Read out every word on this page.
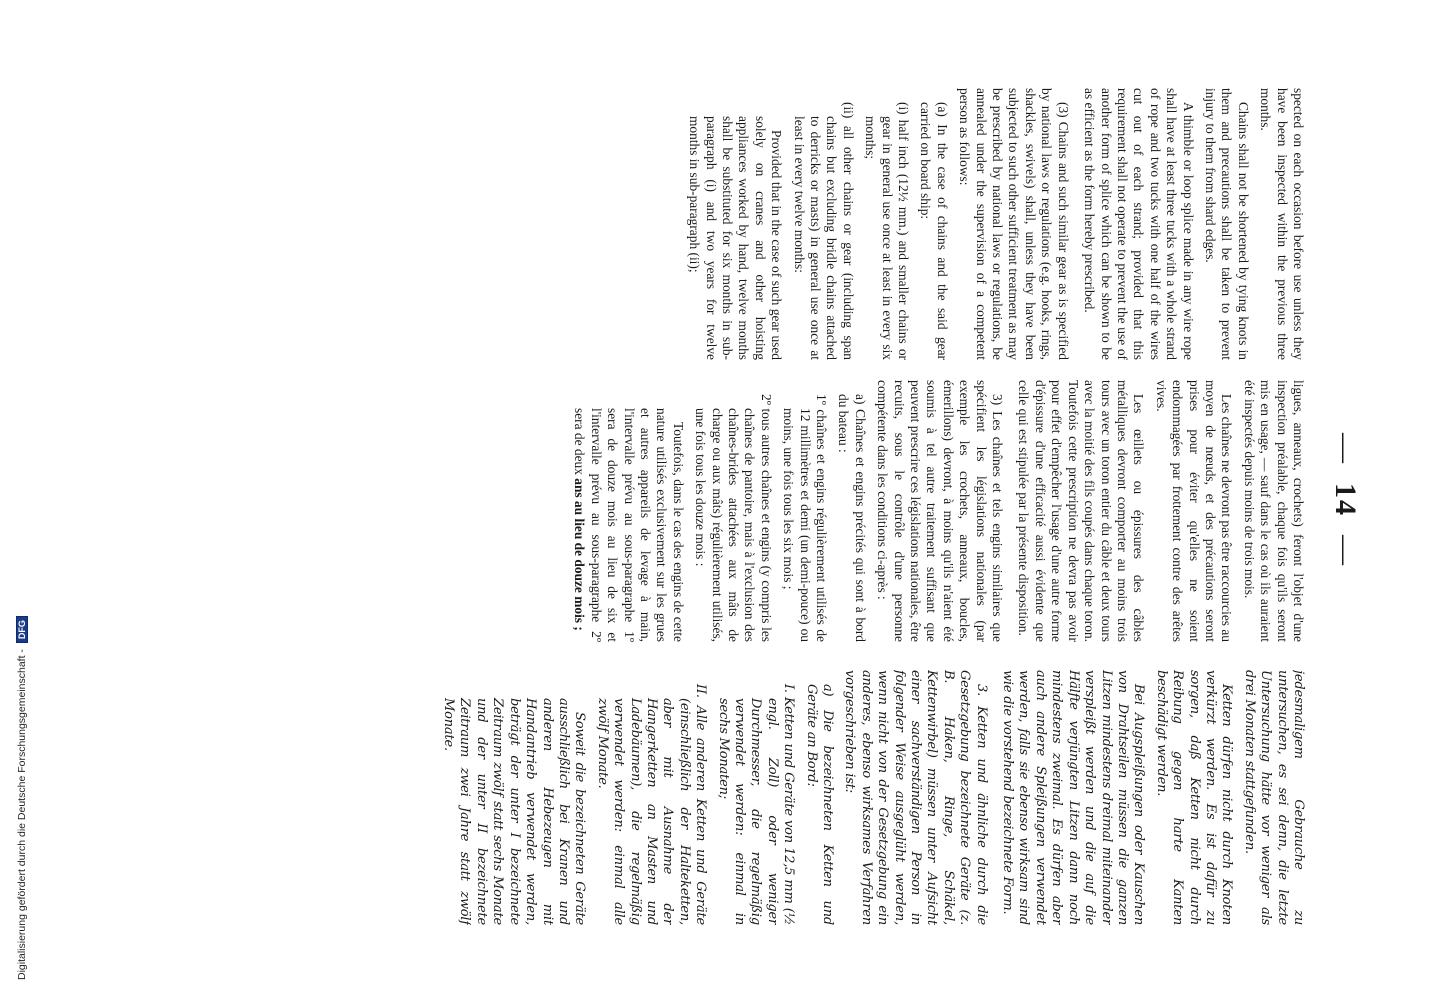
—14—

spected on each occasion before use unless they have been inspected within the previous three months.

Chains shall not be shortened by tying knots in them and precautions shall be taken to prevent injury to them from shard edges.

A thimble or loop splice made in any wire rope shall have at least three tucks with a whole strand of rope and two tucks with one half of the wires cut out of each strand; provided that this requirement shall not operate to prevent the use of another form of splice which can be shown to be as efficient as the form hereby prescribed.

(3) Chains and such similar gear as is specified by national laws or regulations (e.g. hooks, rings, shackles, swivels) shall, unless they have been subjected to such other sufficient treatment as may be prescribed by national laws or regulations, be annealed under the supervision of a competent person as follows:

(a) In the case of chains and the said gear carried on board ship:

(i) half inch (12½ mm.) and smaller chains or gear in general use once at least in every six months;

(ii) all other chains or gear (including span chains but excluding bridle chains attached to derricks or masts) in general use once at least in every twelve months:

Provided that in the case of such gear used solely on cranes and other hoisting appliances worked by hand, twelve months shall be substituted for six months in sub-paragraph (i) and two years for twelve months in sub-paragraph (ii);

ligues, anneaux, crochets) feront l'objet d'une inspection préalable, chaque fois qu'ils seront mis en usage, — sauf dans le cas où ils auraient été inspectés depuis moins de trois mois.

Les chaînes ne devront pas être raccourcies au moyen de nœuds, et des précautions seront prises pour éviter qu'elles ne soient endommagées par frottement contre des arêtes vives.

Les œillets ou épissures des câbles métalliques devront comporter au moins trois tours avec un toron entier du câble et deux tours avec la moitié des fils coupés dans chaque toron. Toutefois cette prescription ne devra pas avoir pour effet d'empêcher l'usage d'une autre forme d'épissure d'une efficacité aussi évidente que celle qui est stipulée par la présente disposition.

3) Les chaînes et tels engins similaires que spécifient les législations nationales (par exemple les crochets, anneaux, boucles, émerillons) devront, à moins qu'ils n'aient été soumis à tel autre traitement suffisant que peuvent prescrire ces législations nationales, être recuits, sous le contrôle d'une personne compétente dans les conditions ci-après :

a) Chaînes et engins précités qui sont à bord du bateau :

1º chaînes et engins régulièrement utilisés de 12 millimètres et demi (un demi-pouce) ou moins, une fois tous les six mois ;

2º tous autres chaînes et engins (y compris les chaînes de pantoire, mais à l'exclusion des chaînes-brides attachées aux mâts de charge ou aux mâts) régulièrement utilisés, une fois tous les douze mois :

Toutefois, dans le cas des engins de cette nature utilisés exclusivement sur les grues et autres appareils de levage à main, l'intervalle prévu au sous-paragraphe 1º sera de douze mois au lieu de six et l'intervalle prévu au sous-paragraphe 2º sera de deux ans au lieu de douze mois ;

jedesmaligem Gebrauche zu untersuchen, es sei denn, die letzte Untersuchung hätte vor weniger als drei Monaten stattgefunden.

Ketten dürfen nicht durch Knoten verkürzt werden. Es ist dafür zu sorgen, daß Ketten nicht durch Reibung gegen harte Kanten beschädigt werden.

Bei Augspleißungen oder Kauschen von Drahtseilen müssen die ganzen Litzen mindestens dreimal miteinander verspleißt werden und die auf die Hälfte verjüngten Litzen dann noch mindestens zweimal. Es dürfen aber auch andere Spleißungen verwendet werden, falls sie ebenso wirksam sind wie die vorstehend bezeichnete Form.

3. Ketten und ähnliche durch die Gesetzgebung bezeichnete Geräte (z. B. Haken, Ringe, Schäkel, Kettenwirbel) müssen unter Aufsicht einer sachverständigen Person in folgender Weise ausgeglüht werden, wenn nicht von der Gesetzgebung ein anderes, ebenso wirksames Verfahren vorgeschrieben ist:

a) Die bezeichneten Ketten und Geräte an Bord:

I. Ketten und Geräte von 12,5 mm (½ engl. Zoll) oder weniger Durchmesser, die regelmäßig verwendet werden: einmal in sechs Monaten;

II. Alle anderen Ketten und Geräte (einschließlich der Halteketten, aber mit Ausnahme der Hangerketten an Masten und Ladebäumen), die regelmäßig verwendet werden: einmal alle zwölf Monate.

Soweit die bezeichneten Geräte ausschließlich bei Kranen und anderen Hebezeugen mit Handantrieb verwendet werden, beträgt der unter I bezeichnete Zeitraum zwölf statt sechs Monate und der unter II bezeichnete Zeitraum zwei Jahre statt zwölf Monate.

Digitalisierung gefördert durch die Deutsche Forschungsgemeinschaft -DFG
